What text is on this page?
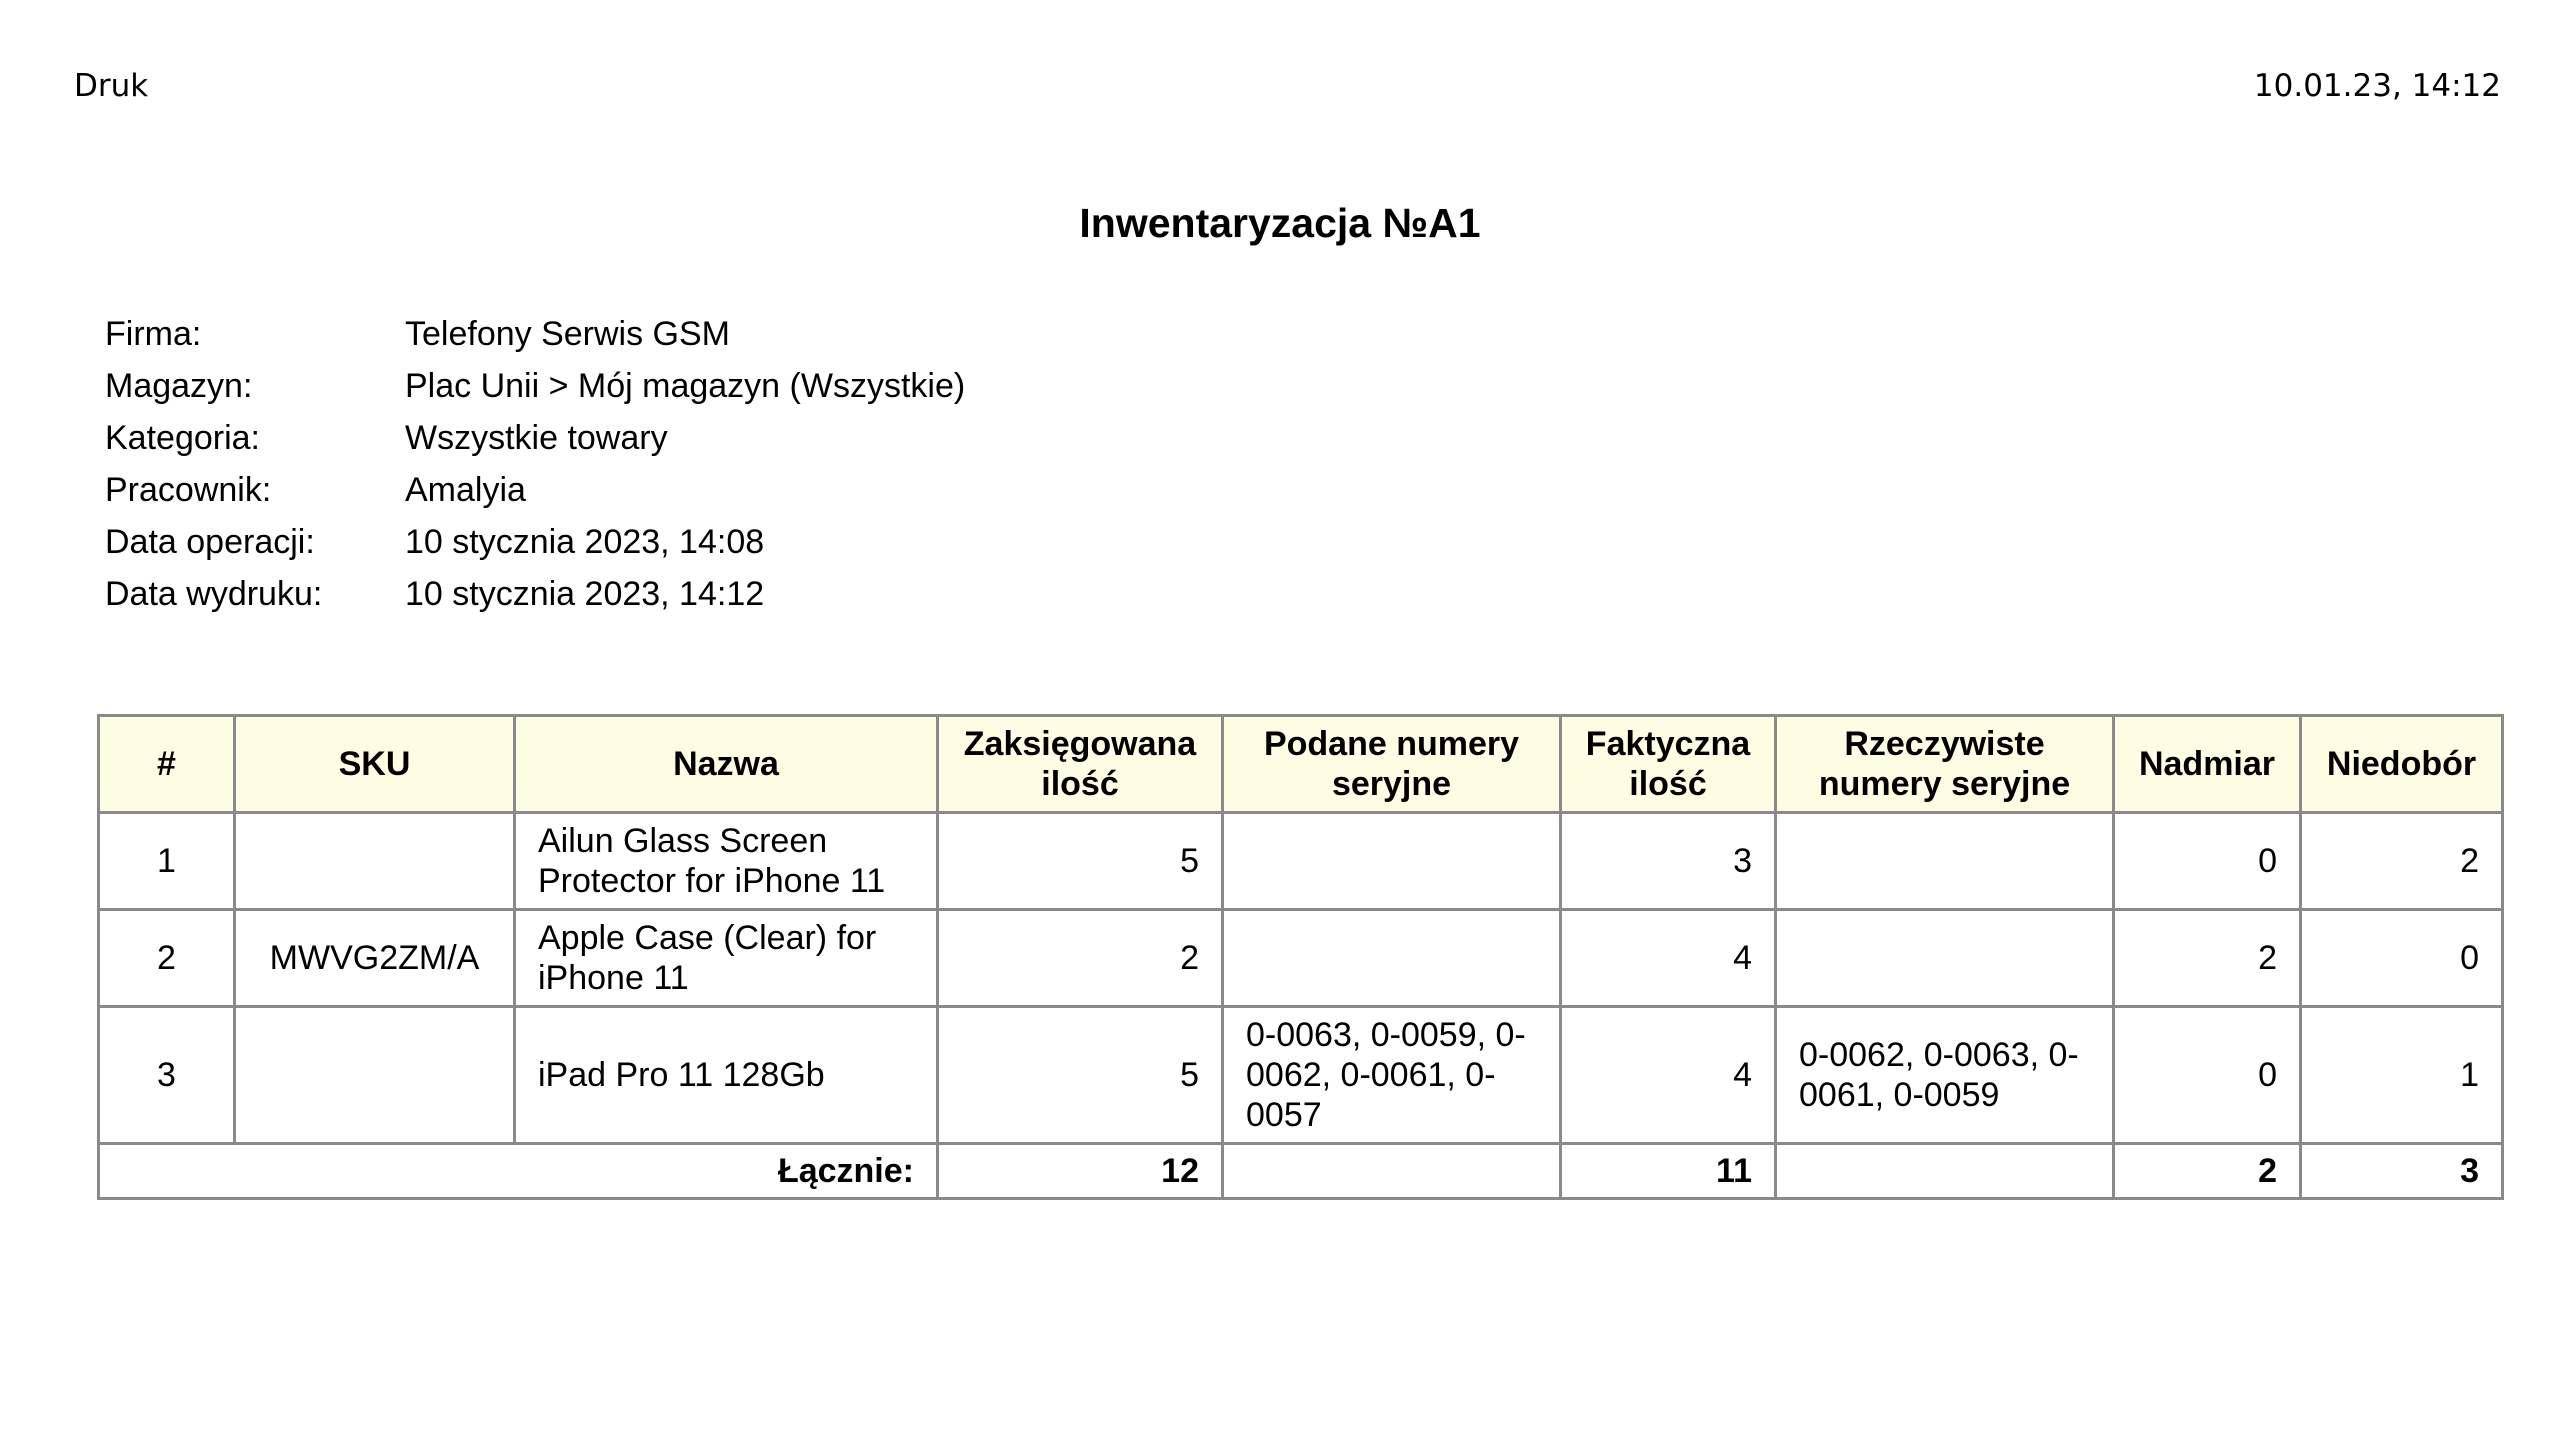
Druk	10.01.23, 14:12
Inwentaryzacja №A1
Firma:	Telefony Serwis GSM
Magazyn:	Plac Unii > Mój magazyn (Wszystkie)
Kategoria:	Wszystkie towary
Pracownik:	Amalyia
Data operacji:	10 stycznia 2023, 14:08
Data wydruku:	10 stycznia 2023, 14:12
#	SKU	Nazwa	Zaksięgowana ilość	Podane numery seryjne	Faktyczna ilość	Rzeczywiste numery seryjne	Nadmiar	Niedobór
1		Ailun Glass Screen Protector for iPhone 11	5		3		0	2
2	MWVG2ZM/A	Apple Case (Clear) for iPhone 11	2		4		2	0
3		iPad Pro 11 128Gb	5	0-0063, 0-0059, 0-0062, 0-0061, 0-0057	4	0-0062, 0-0063, 0-0061, 0-0059	0	1
Łącznie:			12		11		2	3
